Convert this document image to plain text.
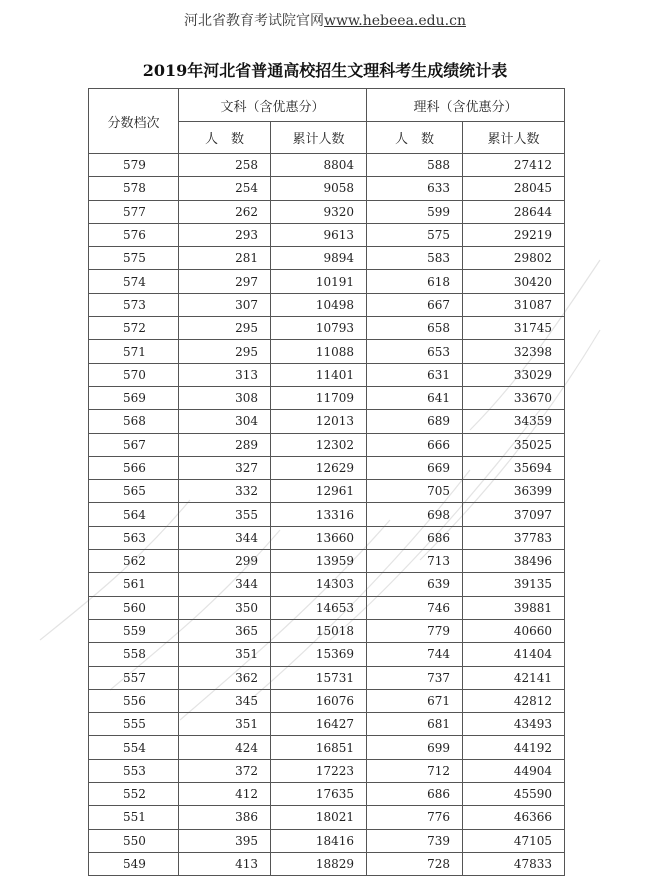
河北省教育考试院官网www.hebeea.edu.cn
2019年河北省普通高校招生文理科考生成绩统计表
分数档次	文科（含优惠分）		理科（含优惠分）	
	人　数	累计人数	人　数	累计人数
579	258	8804	588	27412
578	254	9058	633	28045
577	262	9320	599	28644
576	293	9613	575	29219
575	281	9894	583	29802
574	297	10191	618	30420
573	307	10498	667	31087
572	295	10793	658	31745
571	295	11088	653	32398
570	313	11401	631	33029
569	308	11709	641	33670
568	304	12013	689	34359
567	289	12302	666	35025
566	327	12629	669	35694
565	332	12961	705	36399
564	355	13316	698	37097
563	344	13660	686	37783
562	299	13959	713	38496
561	344	14303	639	39135
560	350	14653	746	39881
559	365	15018	779	40660
558	351	15369	744	41404
557	362	15731	737	42141
556	345	16076	671	42812
555	351	16427	681	43493
554	424	16851	699	44192
553	372	17223	712	44904
552	412	17635	686	45590
551	386	18021	776	46366
550	395	18416	739	47105
549	413	18829	728	47833
